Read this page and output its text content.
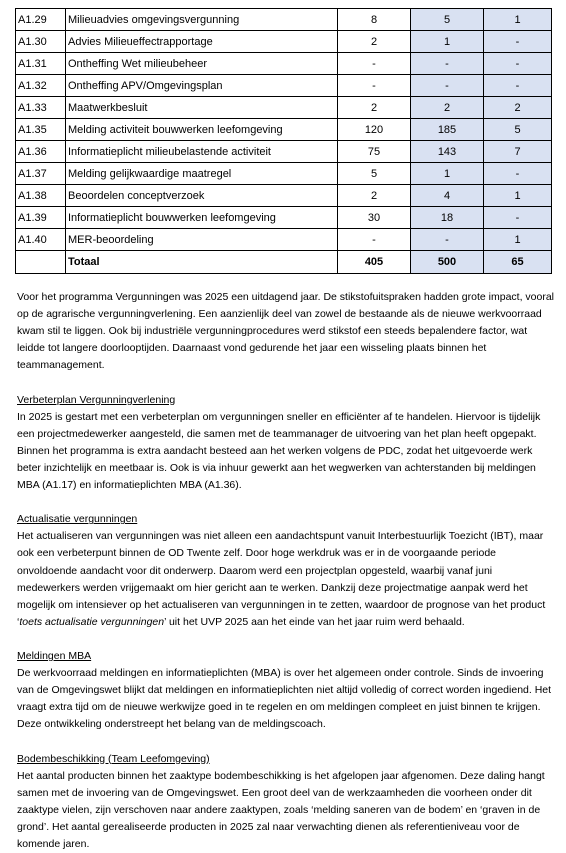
A1.29	Milieuadvies omgevingsvergunning	8	5	1
A1.30	Advies Milieueffectrapportage	2	1	-
A1.31	Ontheffing Wet milieubeheer	-	-	-
A1.32	Ontheffing APV/Omgevingsplan	-	-	-
A1.33	Maatwerkbesluit	2	2	2
A1.35	Melding activiteit bouwwerken leefomgeving	120	185	5
A1.36	Informatieplicht milieubelastende activiteit	75	143	7
A1.37	Melding gelijkwaardige maatregel	5	1	-
A1.38	Beoordelen conceptverzoek	2	4	1
A1.39	Informatieplicht bouwwerken leefomgeving	30	18	-
A1.40	MER-beoordeling	-	-	1
	Totaal	405	500	65

Voor het programma Vergunningen was 2025 een uitdagend jaar. De stikstofuitspraken hadden grote impact, vooral op de agrarische vergunningverlening. Een aanzienlijk deel van zowel de bestaande als de nieuwe werkvoorraad kwam stil te liggen. Ook bij industriële vergunningprocedures werd stikstof een steeds bepalendere factor, wat leidde tot langere doorlooptijden. Daarnaast vond gedurende het jaar een wisseling plaats binnen het teammanagement.

Verbeterplan Vergunningverlening

In 2025 is gestart met een verbeterplan om vergunningen sneller en efficiënter af te handelen. Hiervoor is tijdelijk een projectmedewerker aangesteld, die samen met de teammanager de uitvoering van het plan heeft opgepakt. Binnen het programma is extra aandacht besteed aan het werken volgens de PDC, zodat het uitgevoerde werk beter inzichtelijk en meetbaar is. Ook is via inhuur gewerkt aan het wegwerken van achterstanden bij meldingen MBA (A1.17) en informatieplichten MBA (A1.36).

Actualisatie vergunningen

Het actualiseren van vergunningen was niet alleen een aandachtspunt vanuit Interbestuurlijk Toezicht (IBT), maar ook een verbeterpunt binnen de OD Twente zelf. Door hoge werkdruk was er in de voorgaande periode onvoldoende aandacht voor dit onderwerp. Daarom werd een projectplan opgesteld, waarbij vanaf juni medewerkers werden vrijgemaakt om hier gericht aan te werken. Dankzij deze projectmatige aanpak werd het mogelijk om intensiever op het actualiseren van vergunningen in te zetten, waardoor de prognose van het product ‘toets actualisatie vergunningen’ uit het UVP 2025 aan het einde van het jaar ruim werd behaald.

Meldingen MBA

De werkvoorraad meldingen en informatieplichten (MBA) is over het algemeen onder controle. Sinds de invoering van de Omgevingswet blijkt dat meldingen en informatieplichten niet altijd volledig of correct worden ingediend. Het vraagt extra tijd om de nieuwe werkwijze goed in te regelen en om meldingen compleet en juist binnen te krijgen. Deze ontwikkeling onderstreept het belang van de meldingscoach.

Bodembeschikking (Team Leefomgeving)

Het aantal producten binnen het zaaktype bodembeschikking is het afgelopen jaar afgenomen. Deze daling hangt samen met de invoering van de Omgevingswet. Een groot deel van de werkzaamheden die voorheen onder dit zaaktype vielen, zijn verschoven naar andere zaaktypen, zoals ‘melding saneren van de bodem’ en ‘graven in de grond’. Het aantal gerealiseerde producten in 2025 zal naar verwachting dienen als referentieniveau voor de komende jaren.
